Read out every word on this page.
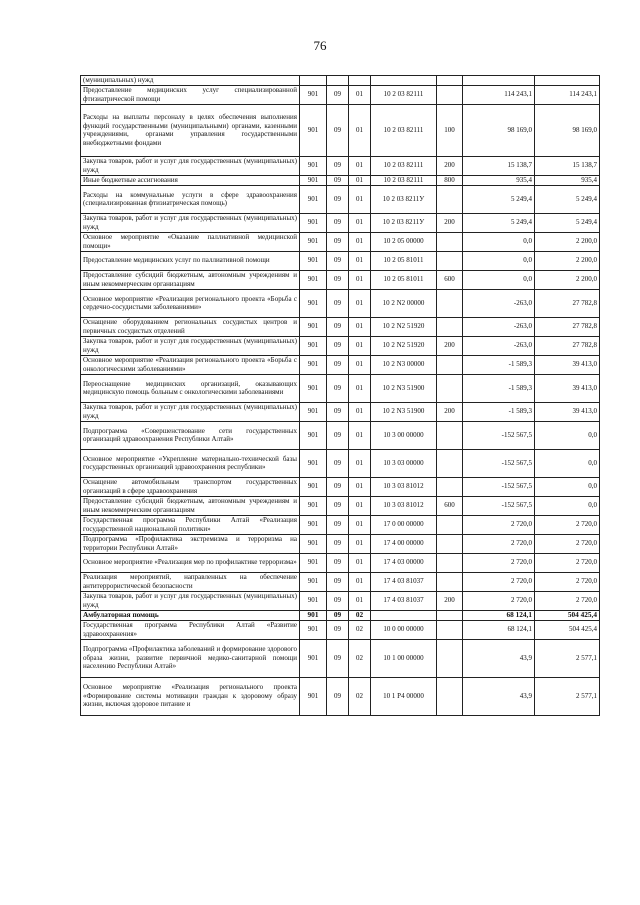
76
(муниципальных) нужд							
Предоставление медицинских услуг специализированной фтизиатрической помощи	901	09	01	10 2 03 82111		114 243,1	114 243,1
Расходы на выплаты персоналу в целях обеспечения выполнения функций государственными (муниципальными) органами, казенными учреждениями, органами управления государственными внебюджетными фондами	901	09	01	10 2 03 82111	100	98 169,0	98 169,0
Закупка товаров, работ и услуг для государственных (муниципальных) нужд	901	09	01	10 2 03 82111	200	15 138,7	15 138,7
Иные бюджетные ассигнования	901	09	01	10 2 03 82111	800	935,4	935,4
Расходы на коммунальные услуги в сфере здравоохранения (специализированная фтизиатрическая помощь)	901	09	01	10 2 03 8211У		5 249,4	5 249,4
Закупка товаров, работ и услуг для государственных (муниципальных) нужд	901	09	01	10 2 03 8211У	200	5 249,4	5 249,4
Основное мероприятие «Оказание паллиативной медицинской помощи»	901	09	01	10 2 05 00000		0,0	2 200,0
Предоставление медицинских услуг по паллиативной помощи	901	09	01	10 2 05 81011		0,0	2 200,0
Предоставление субсидий бюджетным, автономным учреждениям и иным некоммерческим организациям	901	09	01	10 2 05 81011	600	0,0	2 200,0
Основное мероприятие «Реализация регионального проекта «Борьба с сердечно-сосудистыми заболеваниями»	901	09	01	10 2 N2 00000		-263,0	27 782,8
Оснащение оборудованием региональных сосудистых центров и первичных сосудистых отделений	901	09	01	10 2 N2 51920		-263,0	27 782,8
Закупка товаров, работ и услуг для государственных (муниципальных) нужд	901	09	01	10 2 N2 51920	200	-263,0	27 782,8
Основное мероприятие «Реализация регионального проекта «Борьба с онкологическими заболеваниями»	901	09	01	10 2 N3 00000		-1 589,3	39 413,0
Переоснащение медицинских организаций, оказывающих медицинскую помощь больным с онкологическими заболеваниями	901	09	01	10 2 N3 51900		-1 589,3	39 413,0
Закупка товаров, работ и услуг для государственных (муниципальных) нужд	901	09	01	10 2 N3 51900	200	-1 589,3	39 413,0
Подпрограмма «Совершенствование сети государственных организаций здравоохранения Республики Алтай»	901	09	01	10 3 00 00000		-152 567,5	0,0
Основное мероприятие «Укрепление материально-технической базы государственных организаций здравоохранения республики»	901	09	01	10 3 03 00000		-152 567,5	0,0
Оснащение автомобильным транспортом государственных организаций в сфере здравоохранения	901	09	01	10 3 03 81012		-152 567,5	0,0
Предоставление субсидий бюджетным, автономным учреждениям и иным некоммерческим организациям	901	09	01	10 3 03 81012	600	-152 567,5	0,0
Государственная программа Республики Алтай «Реализация государственной национальной политики»	901	09	01	17 0 00 00000		2 720,0	2 720,0
Подпрограмма «Профилактика экстремизма и терроризма на территории Республики Алтай»	901	09	01	17 4 00 00000		2 720,0	2 720,0
Основное мероприятие «Реализация мер по профилактике терроризма»	901	09	01	17 4 03 00000		2 720,0	2 720,0
Реализация мероприятий, направленных на обеспечение антитеррористической безопасности	901	09	01	17 4 03 81037		2 720,0	2 720,0
Закупка товаров, работ и услуг для государственных (муниципальных) нужд	901	09	01	17 4 03 81037	200	2 720,0	2 720,0
Амбулаторная помощь	901	09	02			68 124,1	504 425,4
Государственная программа Республики Алтай «Развитие здравоохранения»	901	09	02	10 0 00 00000		68 124,1	504 425,4
Подпрограмма «Профилактика заболеваний и формирование здорового образа жизни, развитие первичной медико-санитарной помощи населению Республики Алтай»	901	09	02	10 1 00 00000		43,9	2 577,1
Основное мероприятие «Реализация регионального проекта «Формирование системы мотивации граждан к здоровому образу жизни, включая здоровое питание и	901	09	02	10 1 P4 00000		43,9	2 577,1
